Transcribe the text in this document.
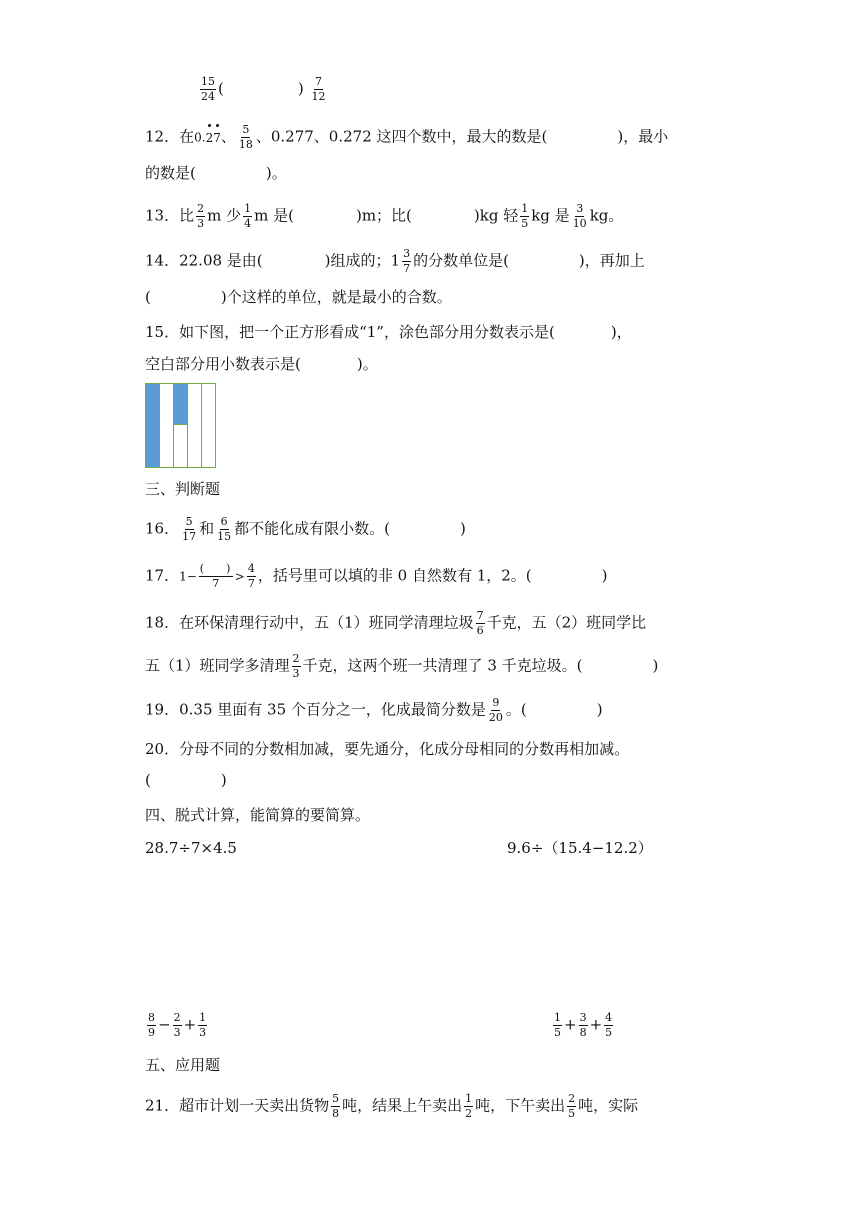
$\frac{15}{24}$ (	) $\frac{7}{12}$
12．在0.27、 $\frac{5}{18}$ 、0.277、0.272 这四个数中，最大的数是(	)，最小
的数是(	)。
13．比 $\frac{2}{3}$ m 少 $\frac{1}{4}$ m 是(	)m；比(	)kg 轻 $\frac{1}{5}$ kg 是 $\frac{3}{10}$ kg。
14．22.08 是由(	)组成的；$1 \frac{3}{7}$ 的分数单位是(	)，再加上
(	)个这样的单位，就是最小的合数。
15．如下图，把一个正方形看成“1”，涂色部分用分数表示是(	)，
空白部分用小数表示是(	)。
三、判断题
16． $\frac{5}{17}$ 和 $\frac{6}{15}$ 都不能化成有限小数。(	)
17．$1- \frac{( )}{7} > \frac{4}{7}$ ，括号里可以填的非 0 自然数有 1，2。(	)
18．在环保清理行动中，五（1）班同学清理垃圾 $\frac{7}{6}$ 千克，五（2）班同学比
五（1）班同学多清理 $\frac{2}{3}$ 千克，这两个班一共清理了 3 千克垃圾。(	)
19．0.35 里面有 35 个百分之一，化成最简分数是 $\frac{9}{20}$ 。(	)
20．分母不同的分数相加减，要先通分，化成分母相同的分数再相加减。
(	)
四、脱式计算，能简算的要简算。
28.7÷7×4.5	9.6÷（15.4−12.2）
$\frac{8}{9} - \frac{2}{3} + \frac{1}{3}$	$\frac{1}{5} + \frac{3}{8} + \frac{4}{5}$
五、应用题
21．超市计划一天卖出货物 $\frac{5}{8}$ 吨，结果上午卖出 $\frac{1}{2}$ 吨，下午卖出 $\frac{2}{5}$ 吨，实际
